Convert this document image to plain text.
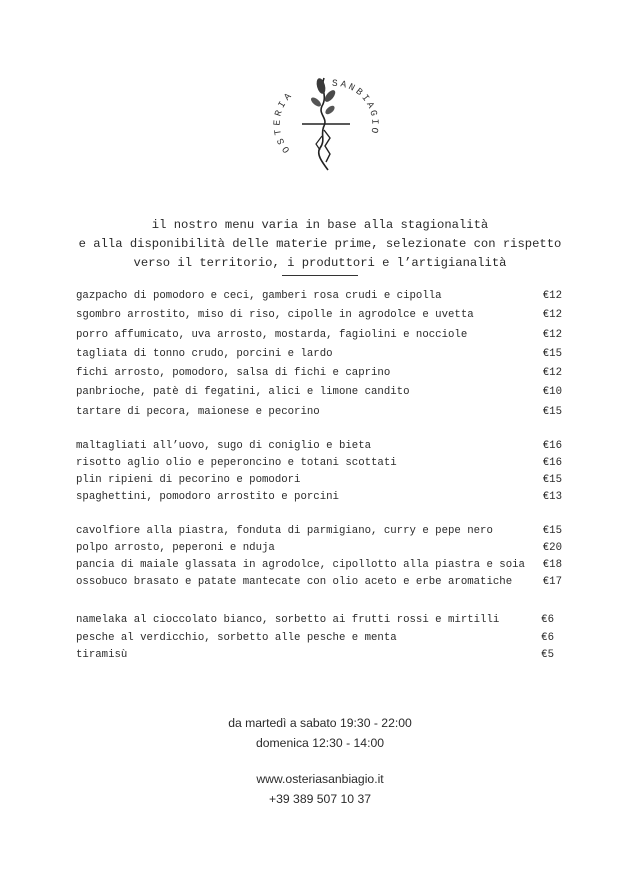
OSTERIA
SANBIAGIO
il nostro menu varia in base alla stagionalità
e alla disponibilità delle materie prime, selezionate con rispetto
verso il territorio, i produttori e l’artigianalità
gazpacho di pomodoro e ceci, gamberi rosa crudi e cipolla	€12
sgombro arrostito, miso di riso, cipolle in agrodolce e uvetta	€12
porro affumicato, uva arrosto, mostarda, fagiolini e nocciole	€12
tagliata di tonno crudo, porcini e lardo	€15
fichi arrosto, pomodoro, salsa di fichi e caprino	€12
panbrioche, patè di fegatini, alici e limone candito	€10
tartare di pecora, maionese e pecorino	€15
maltagliati all’uovo, sugo di coniglio e bieta	€16
risotto aglio olio e peperoncino e totani scottati	€16
plin ripieni di pecorino e pomodori	€15
spaghettini, pomodoro arrostito e porcini	€13
cavolfiore alla piastra, fonduta di parmigiano, curry e pepe nero	€15
polpo arrosto, peperoni e nduja	€20
pancia di maiale glassata in agrodolce, cipollotto alla piastra e soia €18
ossobuco brasato e patate mantecate con olio aceto e erbe aromatiche	€17
namelaka al cioccolato bianco, sorbetto ai frutti rossi e mirtilli	€6
pesche al verdicchio, sorbetto alle pesche e menta	€6
tiramisù	€5
da martedì a sabato 19:30 - 22:00
domenica 12:30 - 14:00
www.osteriasanbiagio.it
+39 389 507 10 37
